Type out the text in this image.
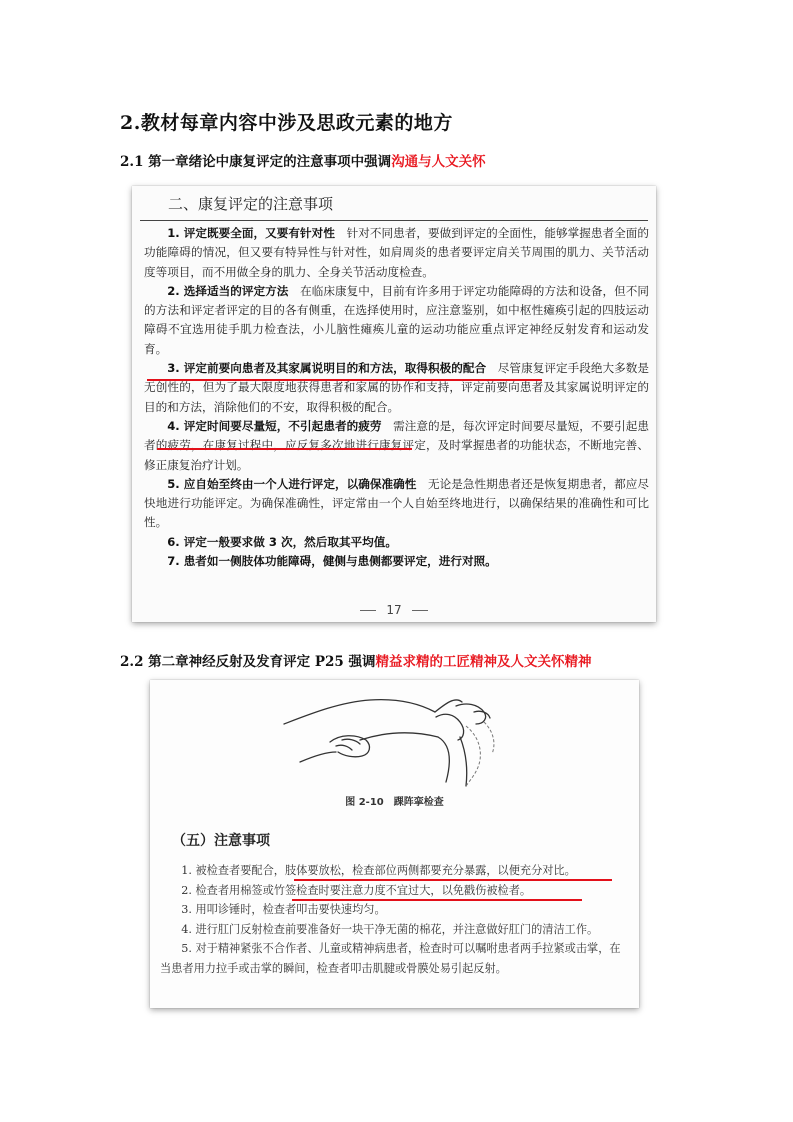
2.教材每章内容中涉及思政元素的地方
2.1 第一章绪论中康复评定的注意事项中强调沟通与人文关怀
二、康复评定的注意事项

1. 评定既要全面，又要有针对性　针对不同患者，要做到评定的全面性，能够掌握患者全面的功能障碍的情况，但又要有特异性与针对性，如肩周炎的患者要评定肩关节周围的肌力、关节活动度等项目，而不用做全身的肌力、全身关节活动度检查。

2. 选择适当的评定方法　在临床康复中，目前有许多用于评定功能障碍的方法和设备，但不同的方法和评定者评定的目的各有侧重，在选择使用时，应注意鉴别，如中枢性瘫痪引起的四肢运动障碍不宜选用徒手肌力检查法，小儿脑性瘫痪儿童的运动功能应重点评定神经反射发育和运动发育。

3. 评定前要向患者及其家属说明目的和方法，取得积极的配合　尽管康复评定手段绝大多数是无创性的，但为了最大限度地获得患者和家属的协作和支持，评定前要向患者及其家属说明评定的目的和方法，消除他们的不安，取得积极的配合。

4. 评定时间要尽量短，不引起患者的疲劳　需注意的是，每次评定时间要尽量短，不要引起患者的疲劳，在康复过程中，应反复多次地进行康复评定，及时掌握患者的功能状态，不断地完善、修正康复治疗计划。

5. 应自始至终由一个人进行评定，以确保准确性　无论是急性期患者还是恢复期患者，都应尽快地进行功能评定。为确保准确性，评定常由一个人自始至终地进行，以确保结果的准确性和可比性。

6. 评定一般要求做 3 次，然后取其平均值。

7. 患者如一侧肢体功能障碍，健侧与患侧都要评定，进行对照。

17
2.2 第二章神经反射及发育评定 P25 强调精益求精的工匠精神及人文关怀精神
图 2-10　踝阵挛检查
（五）注意事项

1. 被检查者要配合，肢体要放松，检查部位两侧都要充分暴露，以便充分对比。

2. 检查者用棉签或竹签检查时要注意力度不宜过大，以免戳伤被检者。

3. 用叩诊锤时，检查者叩击要快速均匀。

4. 进行肛门反射检查前要准备好一块干净无菌的棉花，并注意做好肛门的清洁工作。

5. 对于精神紧张不合作者、儿童或精神病患者，检查时可以嘱咐患者两手拉紧或击掌，在当患者用力拉手或击掌的瞬间，检查者叩击肌腱或骨膜处易引起反射。
